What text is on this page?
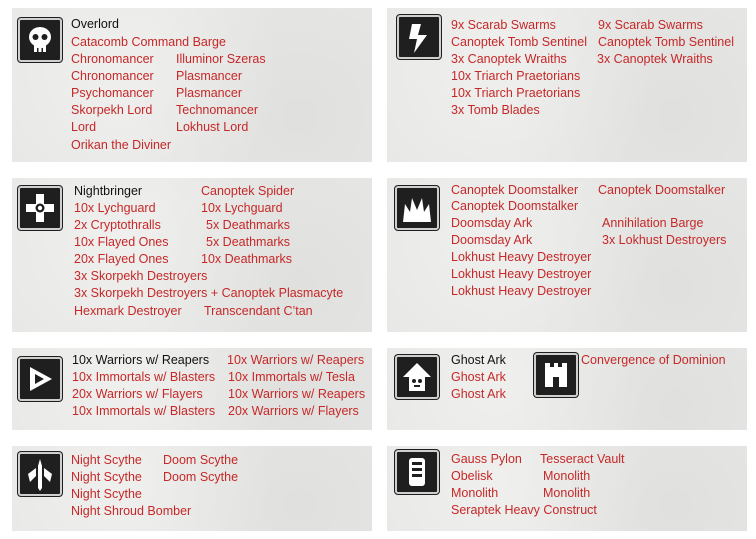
Overlord
Catacomb Command Barge
Chronomancer
Chronomancer
Psychomancer
Skorpekh Lord
Lord
Orikan the Diviner
Illuminor Szeras
Plasmancer
Plasmancer
Technomancer
Lokhust Lord
9x Scarab Swarms
Canoptek Tomb Sentinel
3x Canoptek Wraiths
10x Triarch Praetorians
10x Triarch Praetorians
3x Tomb Blades
9x Scarab Swarms
Canoptek Tomb Sentinel
3x Canoptek Wraiths
Nightbringer
10x Lychguard
2x Cryptothralls
10x Flayed Ones
20x Flayed Ones
3x Skorpekh Destroyers
3x Skorpekh Destroyers + Canoptek Plasmacyte
Hexmark Destroyer
Canoptek Spider
10x Lychguard
5x Deathmarks
5x Deathmarks
10x Deathmarks
Transcendant C’tan
Canoptek Doomstalker
Canoptek Doomstalker
Doomsday Ark
Doomsday Ark
Lokhust Heavy Destroyer
Lokhust Heavy Destroyer
Lokhust Heavy Destroyer
Canoptek Doomstalker
Annihilation Barge
3x Lokhust Destroyers
10x Warriors w/ Reapers
10x Immortals w/ Blasters
20x Warriors w/ Flayers
10x Immortals w/ Blasters
10x Warriors w/ Reapers
10x Immortals w/ Tesla
10x Warriors w/ Reapers
20x Warriors w/ Flayers
Ghost Ark
Ghost Ark
Ghost Ark
Convergence of Dominion
Night Scythe
Night Scythe
Night Scythe
Night Shroud Bomber
Doom Scythe
Doom Scythe
Gauss Pylon
Obelisk
Monolith
Seraptek Heavy Construct
Tesseract Vault
Monolith
Monolith
